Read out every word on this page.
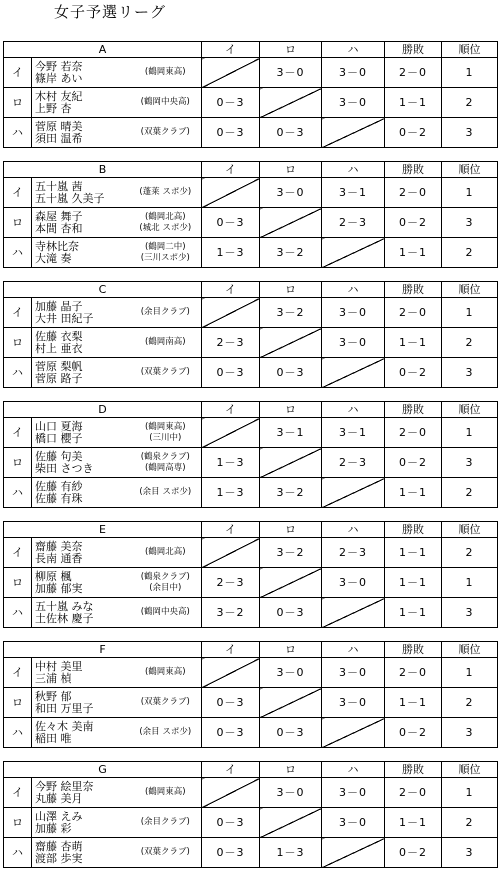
女子予選リーグ
A			イ	ロ	ハ	勝敗	順位
イ	今野 若奈
篠岸 あい	(鶴岡東高)		3－0	3－0	2－0	1
ロ	木村 友紀
上野 杏	(鶴岡中央高)	0－3		3－0	1－1	2
ハ	菅原 晴美
須田 温希	(双葉クラブ)	0－3	0－3		0－2	3
B			イ	ロ	ハ	勝敗	順位
イ	五十嵐 茜
五十嵐 久美子	(蓬莱 スポ少)		3－0	3－1	2－0	1
ロ	森屋 舞子
本間 杏和	(鶴岡北高)
(城北 スポ少)	0－3		2－3	0－2	3
ハ	寺林比奈
大滝 奏	(鶴岡二中)
(三川スポ少)	1－3	3－2		1－1	2
C			イ	ロ	ハ	勝敗	順位
イ	加藤 晶子
大井 田紀子	(余目クラブ)		3－2	3－0	2－0	1
ロ	佐藤 衣梨
村上 亜衣	(鶴岡南高)	2－3		3－0	1－1	2
ハ	菅原 梨帆
菅原 路子	(双葉クラブ)	0－3	0－3		0－2	3
D			イ	ロ	ハ	勝敗	順位
イ	山口 夏海
橋口 櫻子	(鶴岡東高)
(三川中)		3－1	3－1	2－0	1
ロ	佐藤 句美
柴田 さつき	(鶴泉クラブ)
(鶴岡高専)	1－3		2－3	0－2	3
ハ	佐藤 有紗
佐藤 有珠	(余目 スポ少)	1－3	3－2		1－1	2
E			イ	ロ	ハ	勝敗	順位
イ	齋藤 美奈
長南 通香	(鶴岡北高)		3－2	2－3	1－1	2
ロ	柳原 楓
加藤 郁実	(鶴泉クラブ)
(余目中)	2－3		3－0	1－1	1
ハ	五十嵐 みな
土佐林 慶子	(鶴岡中央高)	3－2	0－3		1－1	3
F			イ	ロ	ハ	勝敗	順位
イ	中村 美里
三浦 楨	(鶴岡東高)		3－0	3－0	2－0	1
ロ	秋野 郁
和田 万里子	(双葉クラブ)	0－3		3－0	1－1	2
ハ	佐々木 美南
稲田 唯	(余目 スポ少)	0－3	0－3		0－2	3
G			イ	ロ	ハ	勝敗	順位
イ	今野 絵里奈
丸藤 美月	(鶴岡東高)		3－0	3－0	2－0	1
ロ	山澤 えみ
加藤 彩	(余目クラブ)	0－3		3－0	1－1	2
ハ	齋藤 杏萌
渡部 歩実	(双葉クラブ)	0－3	1－3		0－2	3
